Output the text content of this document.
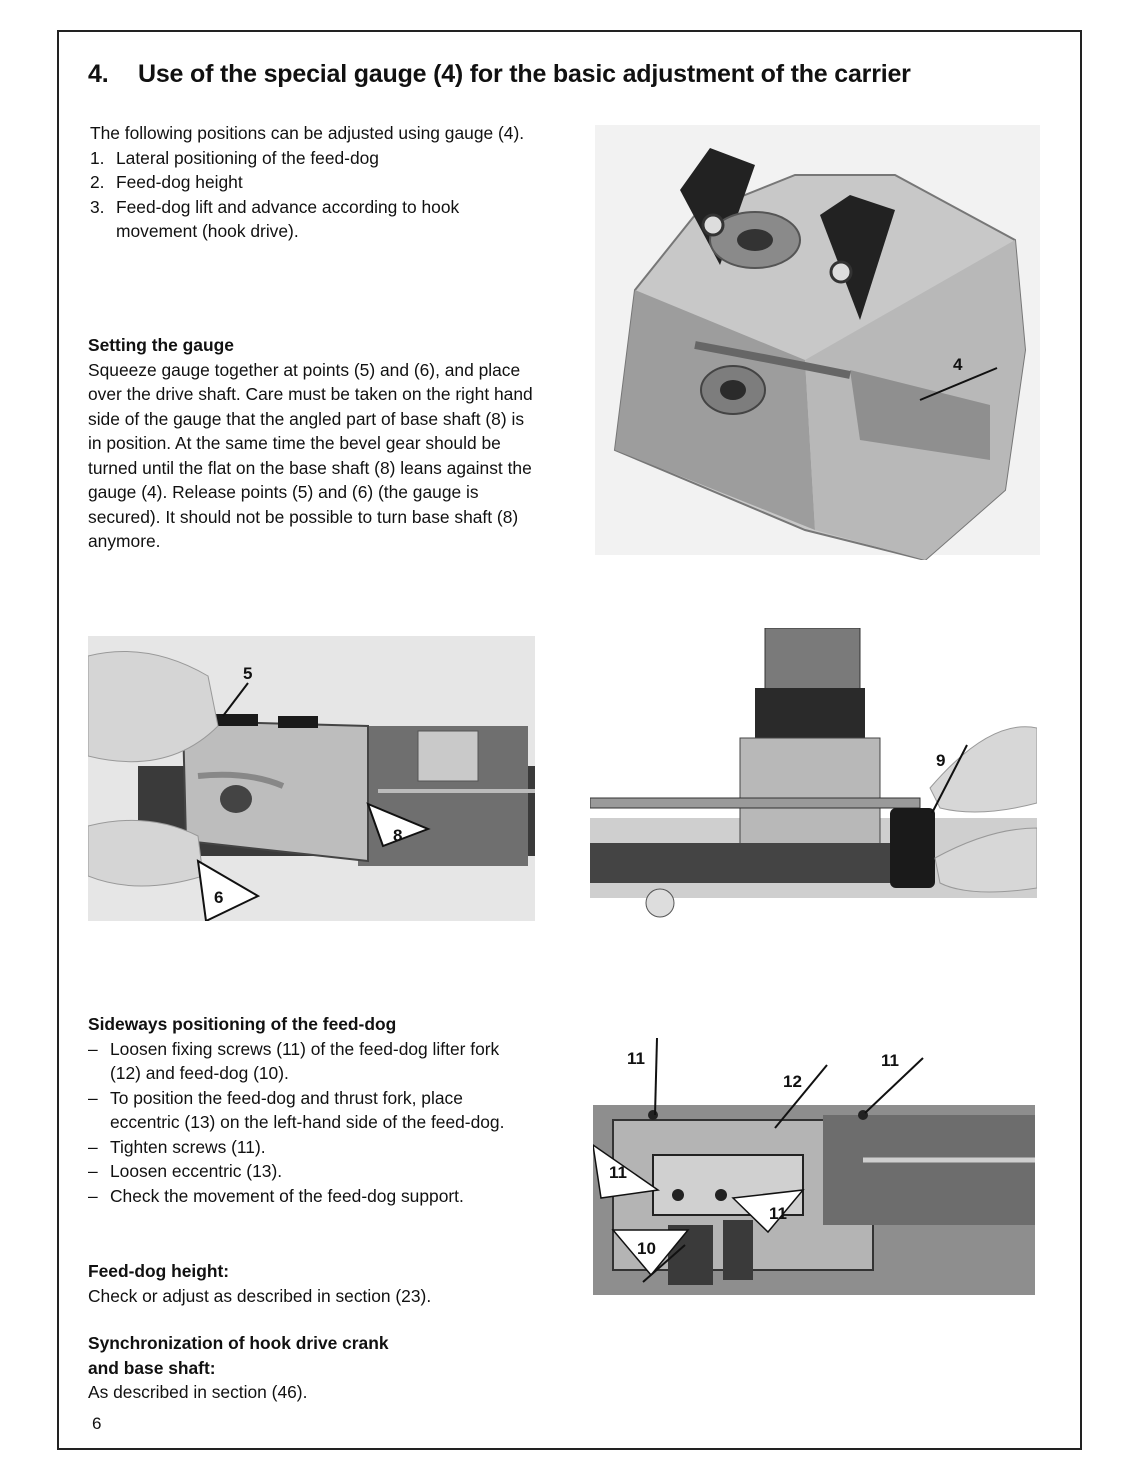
4. Use of the special gauge (4) for the basic adjustment of the carrier

The following positions can be adjusted using gauge (4).

1. Lateral positioning of the feed-dog
2. Feed-dog height
3. Feed-dog lift and advance according to hook movement (hook drive).

Setting the gauge

Squeeze gauge together at points (5) and (6), and place over the drive shaft. Care must be taken on the right hand side of the gauge that the angled part of base shaft (8) is in position. At the same time the bevel gear should be turned until the flat on the base shaft (8) leans against the gauge (4). Release points (5) and (6) (the gauge is secured). It should not be possible to turn base shaft (8) anymore.

4
5
6
8
9

Sideways positioning of the feed-dog

– Loosen fixing screws (11) of the feed-dog lifter fork (12) and feed-dog (10).
– To position the feed-dog and thrust fork, place eccentric (13) on the left-hand side of the feed-dog.
– Tighten screws (11).
– Loosen eccentric (13).
– Check the movement of the feed-dog support.

Feed-dog height:

Check or adjust as described in section (23).

Synchronization of hook drive crank

and base shaft:

As described in section (46).

11
12
11
11
11
10
6
